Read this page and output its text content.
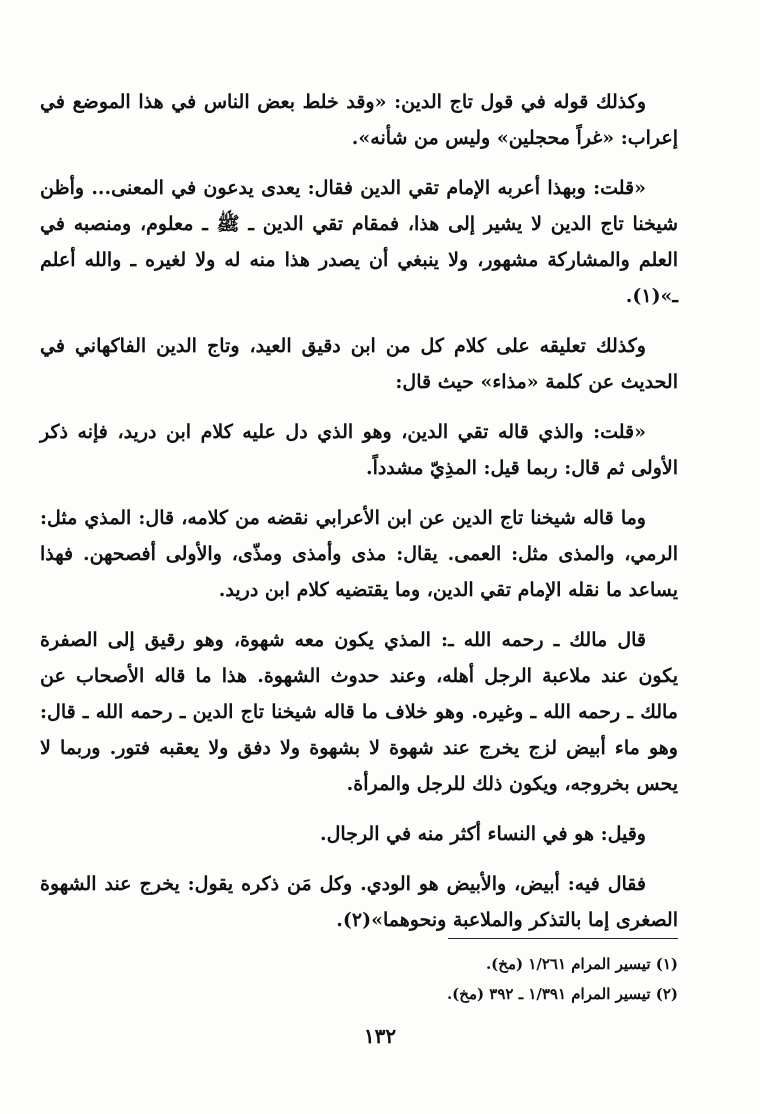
وكذلك قوله في قول تاج الدين: «وقد خلط بعض الناس في هذا الموضع في إعراب: «غراً محجلين» وليس من شأنه».

«قلت: وبهذا أعربه الإمام تقي الدين فقال: يعدى يدعون في المعنى... وأظن شيخنا تاج الدين لا يشير إلى هذا، فمقام تقي الدين ـ ﷺ ـ معلوم، ومنصبه في العلم والمشاركة مشهور، ولا ينبغي أن يصدر هذا منه له ولا لغيره ـ والله أعلم ـ»(١).

وكذلك تعليقه على كلام كل من ابن دقيق العيد، وتاج الدين الفاكهاني في الحديث عن كلمة «مذاء» حيث قال:

«قلت: والذي قاله تقي الدين، وهو الذي دل عليه كلام ابن دريد، فإنه ذكر الأولى ثم قال: ربما قيل: المذِيّ مشدداً.

وما قاله شيخنا تاج الدين عن ابن الأعرابي نقضه من كلامه، قال: المذي مثل: الرمي، والمذى مثل: العمى. يقال: مذى وأمذى ومذّى، والأولى أفصحهن. فهذا يساعد ما نقله الإمام تقي الدين، وما يقتضيه كلام ابن دريد.

قال مالك ـ رحمه الله ـ: المذي يكون معه شهوة، وهو رقيق إلى الصفرة يكون عند ملاعبة الرجل أهله، وعند حدوث الشهوة. هذا ما قاله الأصحاب عن مالك ـ رحمه الله ـ وغيره. وهو خلاف ما قاله شيخنا تاج الدين ـ رحمه الله ـ قال: وهو ماء أبيض لزج يخرج عند شهوة لا بشهوة ولا دفق ولا يعقبه فتور. وربما لا يحس بخروجه، ويكون ذلك للرجل والمرأة.

وقيل: هو في النساء أكثر منه في الرجال.

فقال فيه: أبيض، والأبيض هو الودي. وكل مَن ذكره يقول: يخرج عند الشهوة الصغرى إما بالتذكر والملاعبة ونحوهما»(٢).

(١) تيسير المرام ١/٢٦١ (مخ).
(٢) تيسير المرام ١/٣٩١ ـ ٣٩٢ (مخ).
١٣٢
